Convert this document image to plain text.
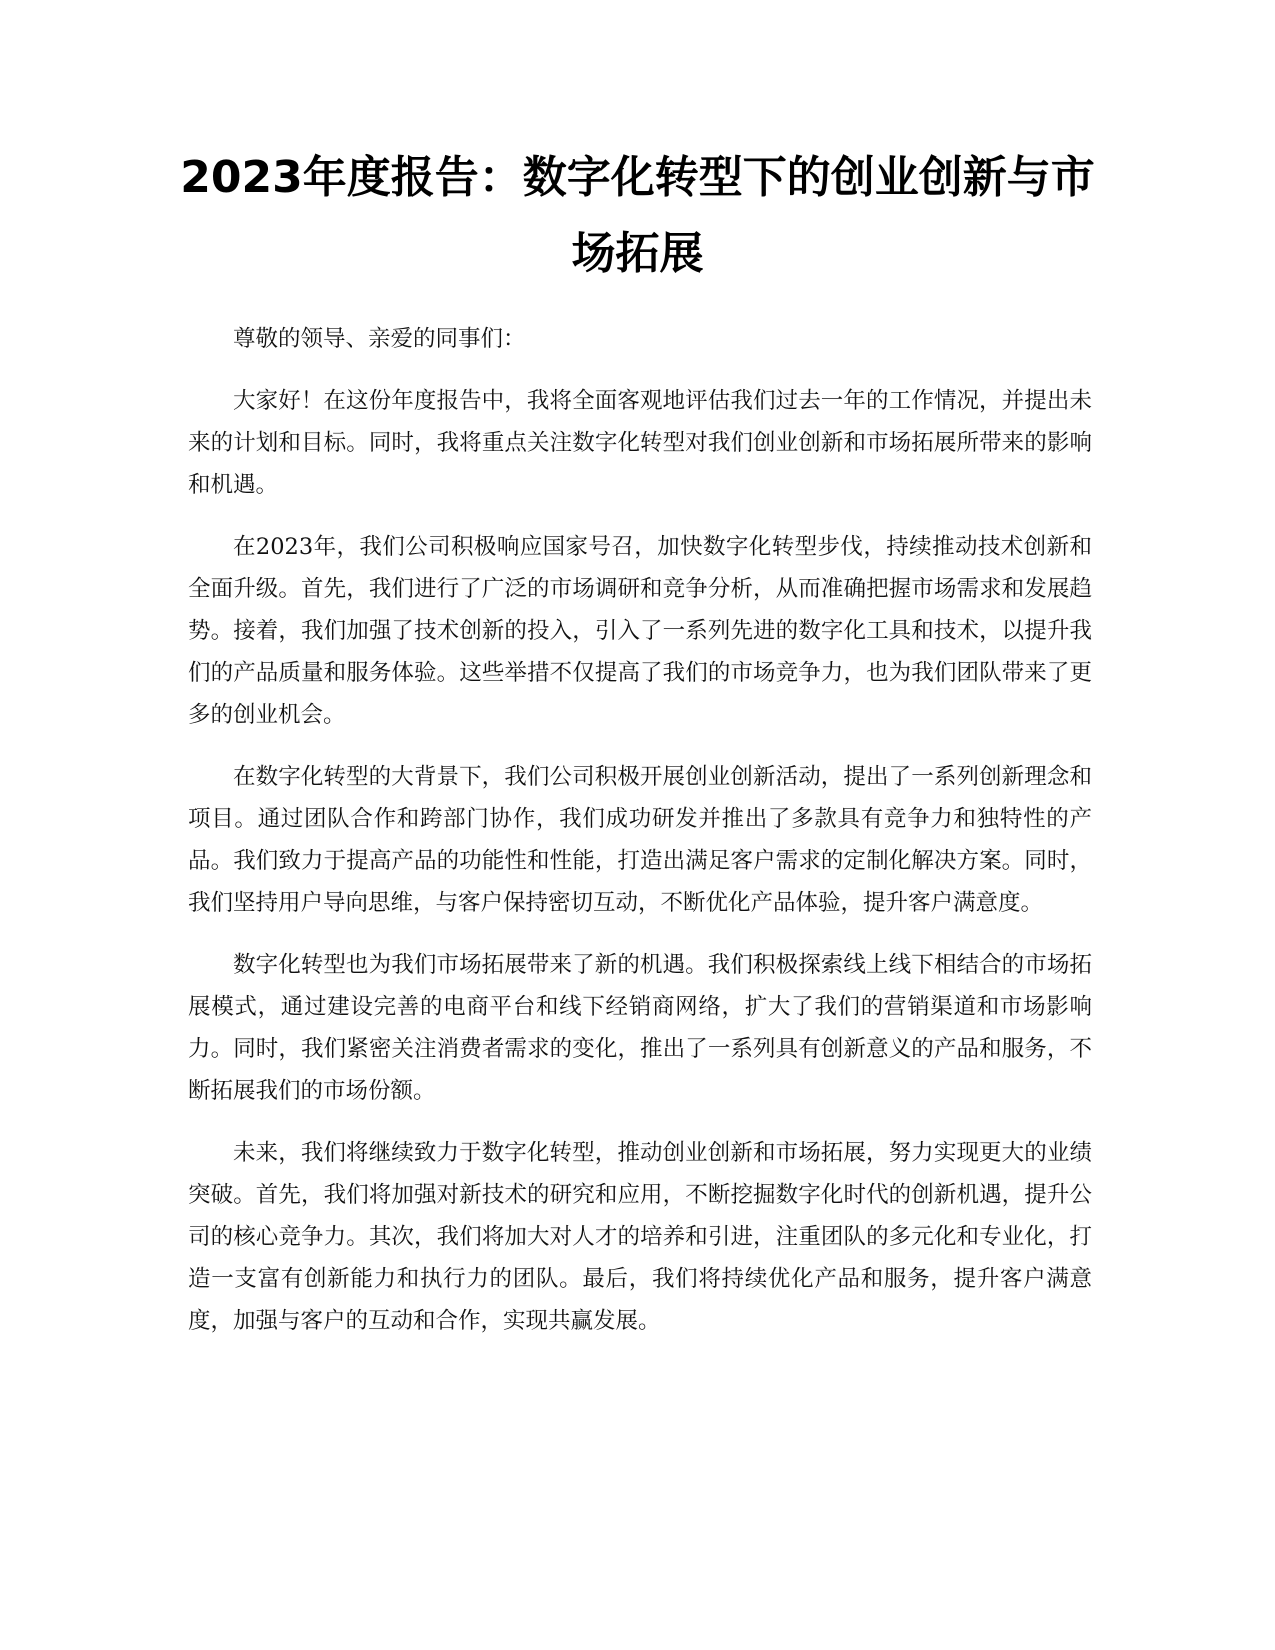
2023年度报告：数字化转型下的创业创新与市场拓展

尊敬的领导、亲爱的同事们：

大家好！在这份年度报告中，我将全面客观地评估我们过去一年的工作情况，并提出未来的计划和目标。同时，我将重点关注数字化转型对我们创业创新和市场拓展所带来的影响和机遇。

在2023年，我们公司积极响应国家号召，加快数字化转型步伐，持续推动技术创新和全面升级。首先，我们进行了广泛的市场调研和竞争分析，从而准确把握市场需求和发展趋势。接着，我们加强了技术创新的投入，引入了一系列先进的数字化工具和技术，以提升我们的产品质量和服务体验。这些举措不仅提高了我们的市场竞争力，也为我们团队带来了更多的创业机会。

在数字化转型的大背景下，我们公司积极开展创业创新活动，提出了一系列创新理念和项目。通过团队合作和跨部门协作，我们成功研发并推出了多款具有竞争力和独特性的产品。我们致力于提高产品的功能性和性能，打造出满足客户需求的定制化解决方案。同时，我们坚持用户导向思维，与客户保持密切互动，不断优化产品体验，提升客户满意度。

数字化转型也为我们市场拓展带来了新的机遇。我们积极探索线上线下相结合的市场拓展模式，通过建设完善的电商平台和线下经销商网络，扩大了我们的营销渠道和市场影响力。同时，我们紧密关注消费者需求的变化，推出了一系列具有创新意义的产品和服务，不断拓展我们的市场份额。

未来，我们将继续致力于数字化转型，推动创业创新和市场拓展，努力实现更大的业绩突破。首先，我们将加强对新技术的研究和应用，不断挖掘数字化时代的创新机遇，提升公司的核心竞争力。其次，我们将加大对人才的培养和引进，注重团队的多元化和专业化，打造一支富有创新能力和执行力的团队。最后，我们将持续优化产品和服务，提升客户满意度，加强与客户的互动和合作，实现共赢发展。
